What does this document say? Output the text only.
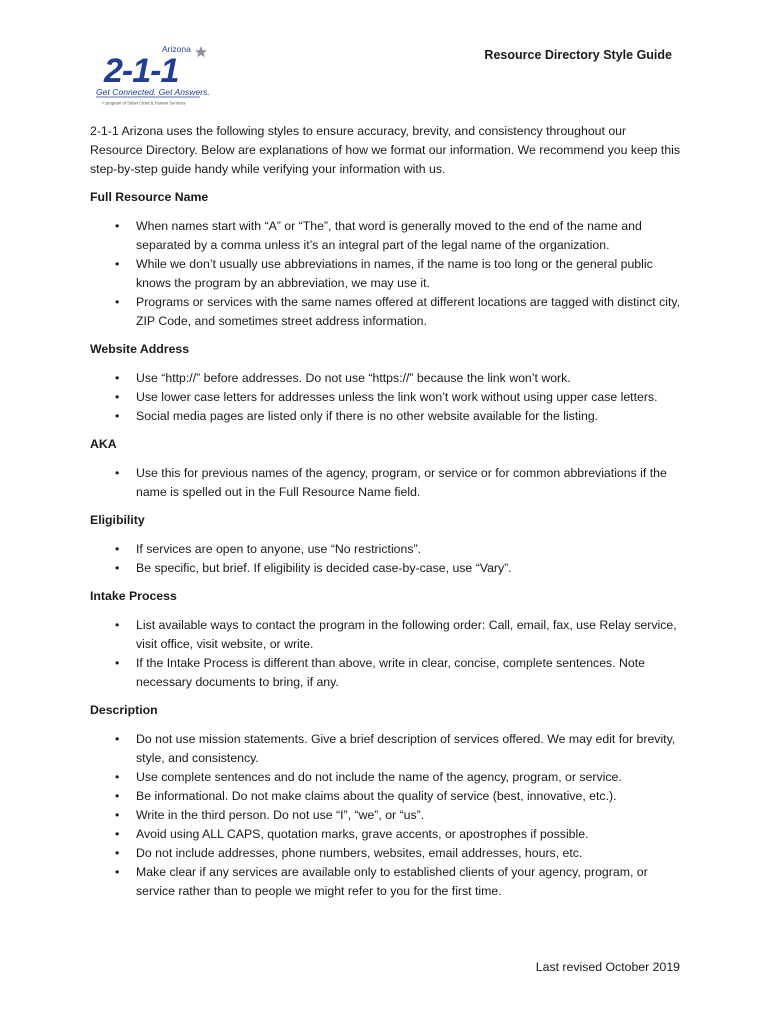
Arizona
2-1-1
Get Connected. Get Answers.
A program of Solari Crisis & Human Services
Resource Directory Style Guide

2-1-1 Arizona uses the following styles to ensure accuracy, brevity, and consistency throughout our Resource Directory. Below are explanations of how we format our information. We recommend you keep this step-by-step guide handy while verifying your information with us.

Full Resource Name
• When names start with “A” or “The”, that word is generally moved to the end of the name and separated by a comma unless it’s an integral part of the legal name of the organization.
• While we don’t usually use abbreviations in names, if the name is too long or the general public knows the program by an abbreviation, we may use it.
• Programs or services with the same names offered at different locations are tagged with distinct city, ZIP Code, and sometimes street address information.
Website Address
• Use “http://” before addresses. Do not use “https://” because the link won’t work.
• Use lower case letters for addresses unless the link won’t work without using upper case letters.
• Social media pages are listed only if there is no other website available for the listing.
AKA
• Use this for previous names of the agency, program, or service or for common abbreviations if the name is spelled out in the Full Resource Name field.
Eligibility
• If services are open to anyone, use “No restrictions”.
• Be specific, but brief. If eligibility is decided case-by-case, use “Vary”.
Intake Process
• List available ways to contact the program in the following order: Call, email, fax, use Relay service, visit office, visit website, or write.
• If the Intake Process is different than above, write in clear, concise, complete sentences. Note necessary documents to bring, if any.
Description
• Do not use mission statements. Give a brief description of services offered. We may edit for brevity, style, and consistency.
• Use complete sentences and do not include the name of the agency, program, or service.
• Be informational. Do not make claims about the quality of service (best, innovative, etc.).
• Write in the third person. Do not use “I”, “we”, or “us”.
• Avoid using ALL CAPS, quotation marks, grave accents, or apostrophes if possible.
• Do not include addresses, phone numbers, websites, email addresses, hours, etc.
• Make clear if any services are available only to established clients of your agency, program, or service rather than to people we might refer to you for the first time.
Last revised October 2019
